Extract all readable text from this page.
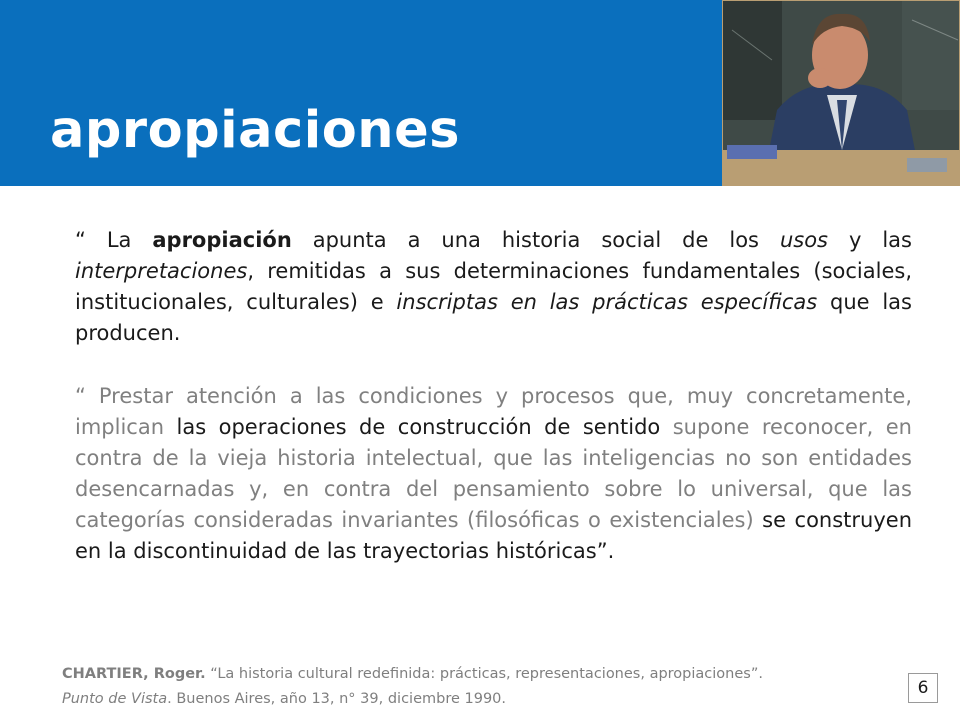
apropiaciones

“ La apropiación apunta a una historia social de los usos y las interpretaciones, remitidas a sus determinaciones fundamentales (sociales, institucionales, culturales) e inscriptas en las prácticas específicas que las producen.

“ Prestar atención a las condiciones y procesos que, muy concretamente, implican las operaciones de construcción de sentido supone reconocer, en contra de la vieja historia intelectual, que las inteligencias no son entidades desencarnadas y, en contra del pensamiento sobre lo universal, que las categorías consideradas invariantes (filosóficas o existenciales) se construyen en la discontinuidad de las trayectorias históricas”.

CHARTIER, Roger. “La historia cultural redefinida: prácticas, representaciones, apropiaciones”.
Punto de Vista. Buenos Aires, año 13, n° 39, diciembre 1990.
6
